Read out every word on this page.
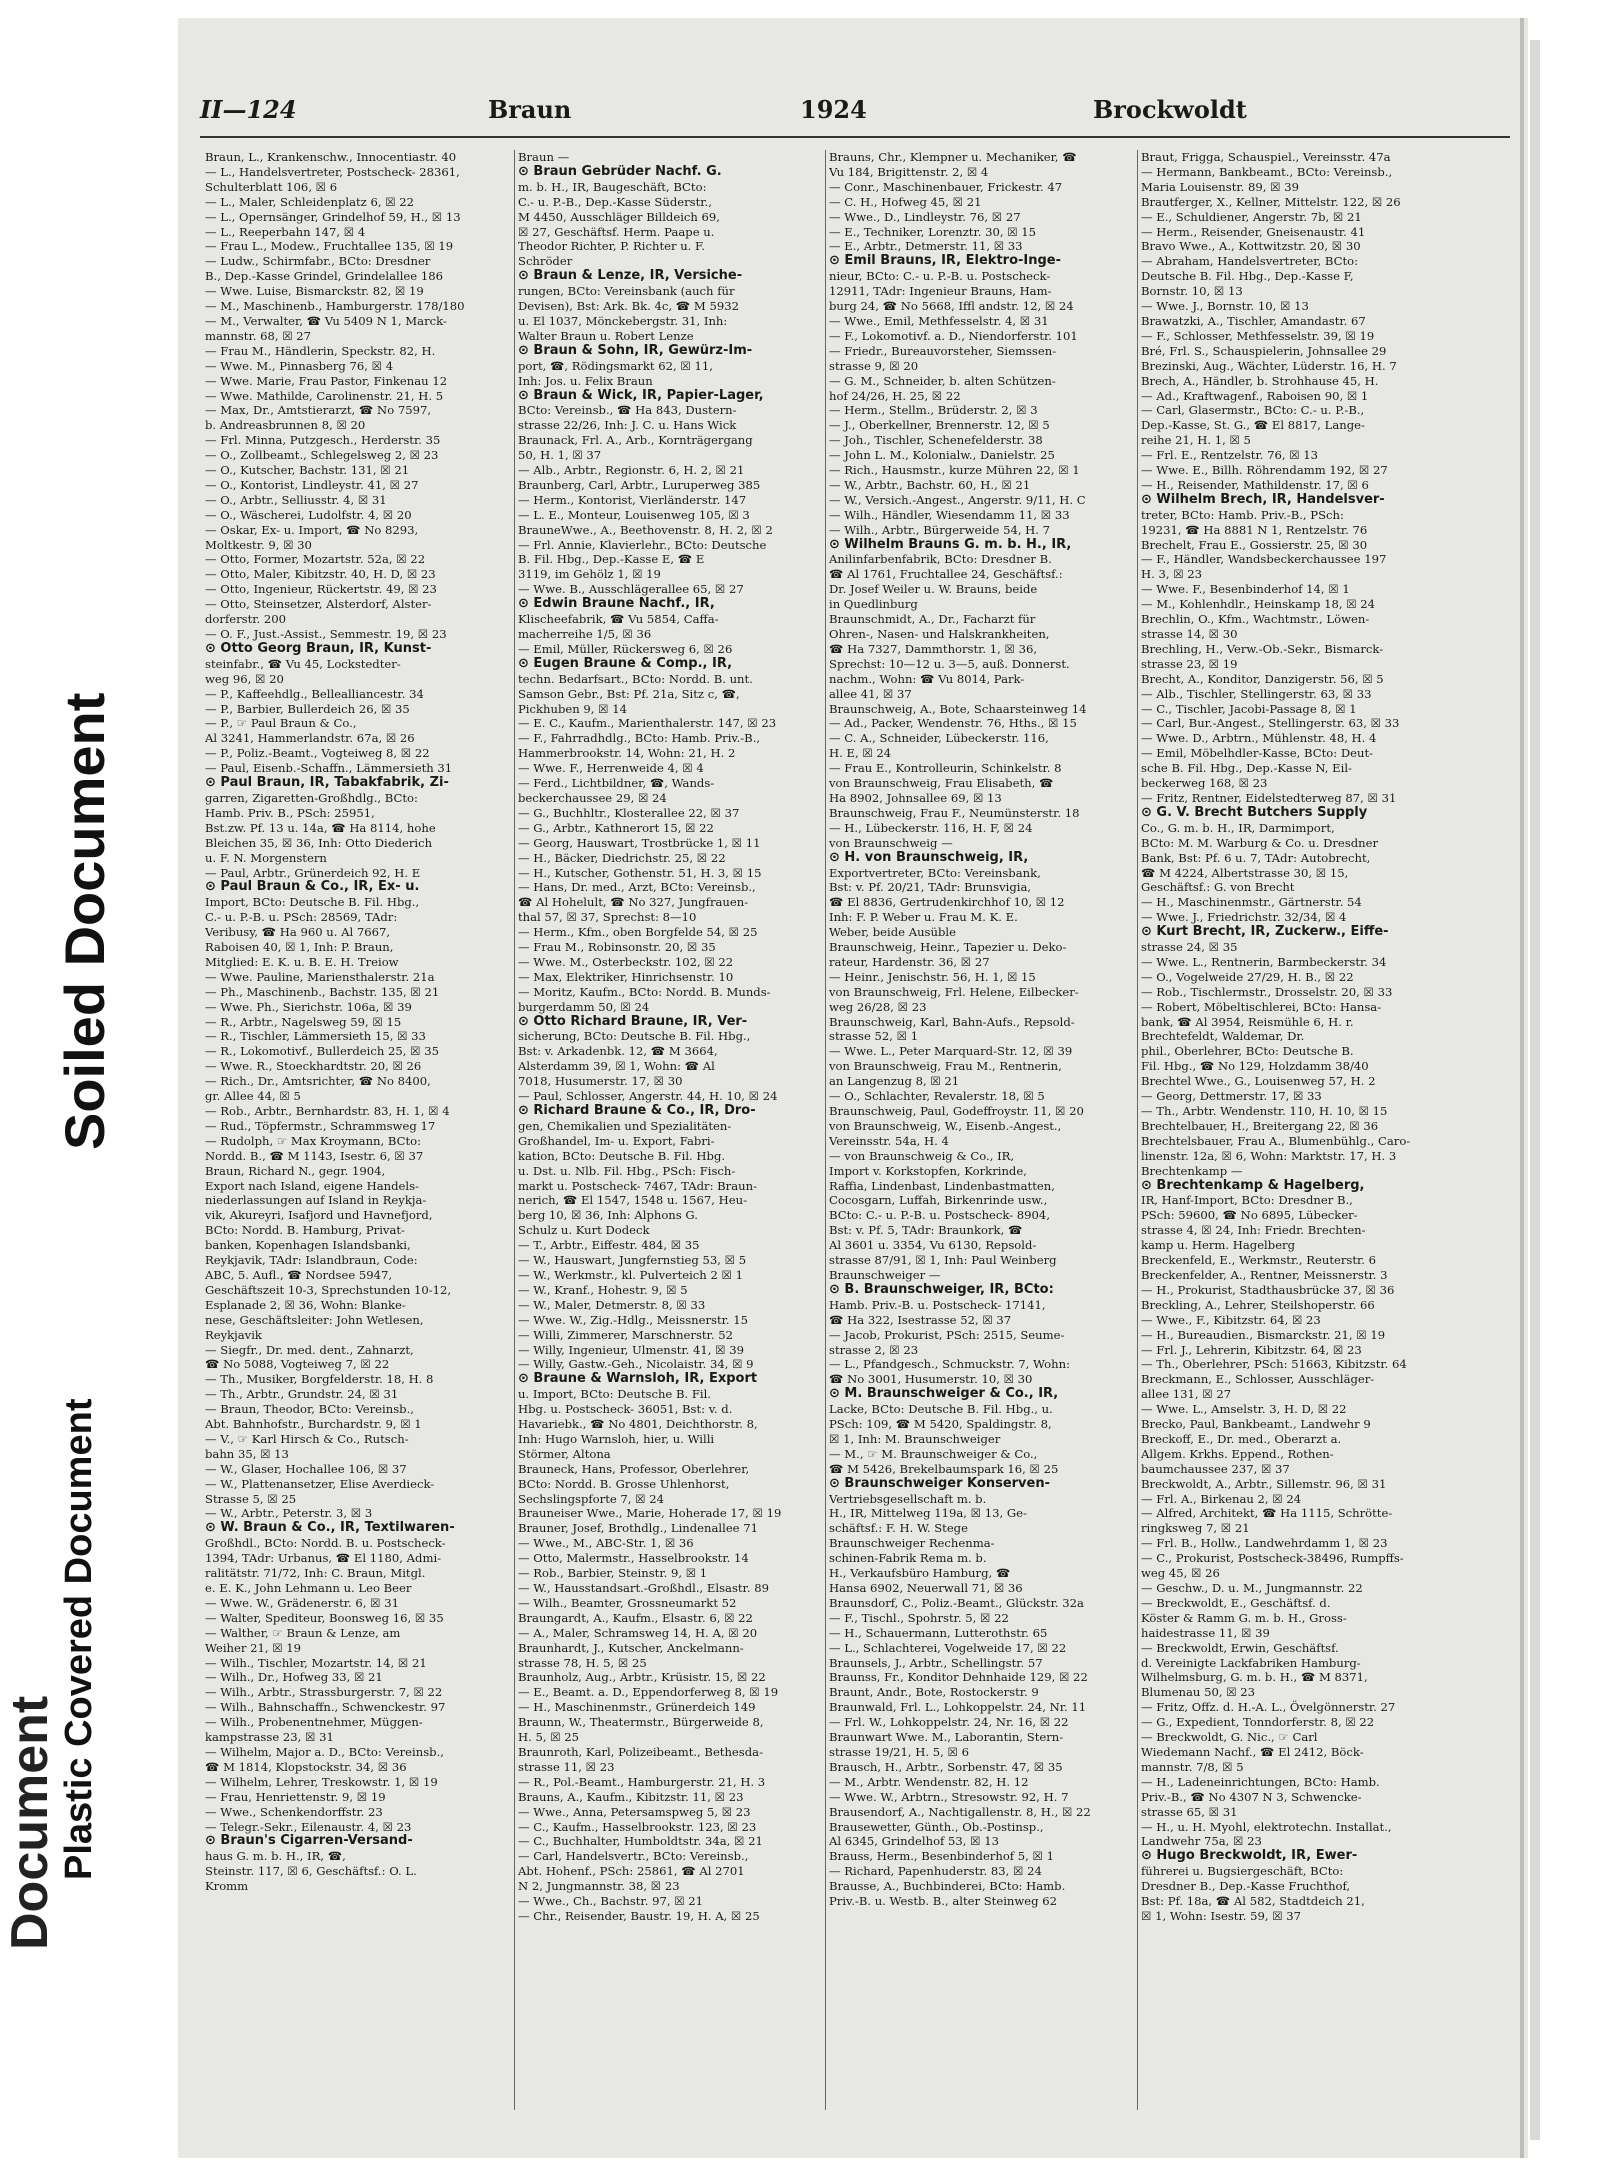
Soiled Document
Plastic Covered Document
Document
II—124	Braun	1924	Brockwoldt
Braun, L., Krankenschw., Innocentiastr. 40
— L., Handelsvertreter, Postscheck- 28361,
Schulterblatt 106, ☒ 6
— L., Maler, Schleidenplatz 6, ☒ 22
— L., Opernsänger, Grindelhof 59, H., ☒ 13
— L., Reeperbahn 147, ☒ 4
— Frau L., Modew., Fruchtallee 135, ☒ 19
— Ludw., Schirmfabr., BCto: Dresdner
B., Dep.-Kasse Grindel, Grindelallee 186
— Wwe. Luise, Bismarckstr. 82, ☒ 19
— M., Maschinenb., Hamburgerstr. 178/180
— M., Verwalter, ☎ Vu 5409 N 1, Marck-
mannstr. 68, ☒ 27
— Frau M., Händlerin, Speckstr. 82, H.
— Wwe. M., Pinnasberg 76, ☒ 4
— Wwe. Marie, Frau Pastor, Finkenau 12
— Wwe. Mathilde, Carolinenstr. 21, H. 5
— Max, Dr., Amtstierarzt, ☎ No 7597,
b. Andreasbrunnen 8, ☒ 20
— Frl. Minna, Putzgesch., Herderstr. 35
— O., Zollbeamt., Schlegelsweg 2, ☒ 23
— O., Kutscher, Bachstr. 131, ☒ 21
— O., Kontorist, Lindleystr. 41, ☒ 27
— O., Arbtr., Selliusstr. 4, ☒ 31
— O., Wäscherei, Ludolfstr. 4, ☒ 20
— Oskar, Ex- u. Import, ☎ No 8293,
Moltkestr. 9, ☒ 30
— Otto, Former, Mozartstr. 52a, ☒ 22
— Otto, Maler, Kibitzstr. 40, H. D, ☒ 23
— Otto, Ingenieur, Rückertstr. 49, ☒ 23
— Otto, Steinsetzer, Alsterdorf, Alster-
dorferstr. 200
— O. F., Just.-Assist., Semmestr. 19, ☒ 23
⊙ Otto Georg Braun, IR, Kunst-
steinfabr., ☎ Vu 45, Lockstedter-
weg 96, ☒ 20
— P., Kaffeehdlg., Bellealliancestr. 34
— P., Barbier, Bullerdeich 26, ☒ 35
— P., ☞ Paul Braun & Co.,
Al 3241, Hammerlandstr. 67a, ☒ 26
— P., Poliz.-Beamt., Vogteiweg 8, ☒ 22
— Paul, Eisenb.-Schaffn., Lämmersieth 31
⊙ Paul Braun, IR, Tabakfabrik, Zi-
garren, Zigaretten-Großhdlg., BCto:
Hamb. Priv. B., PSch: 25951,
Bst.zw. Pf. 13 u. 14a, ☎ Ha 8114, hohe
Bleichen 35, ☒ 36, Inh: Otto Diederich
u. F. N. Morgenstern
— Paul, Arbtr., Grünerdeich 92, H. E
⊙ Paul Braun & Co., IR, Ex- u.
Import, BCto: Deutsche B. Fil. Hbg.,
C.- u. P.-B. u. PSch: 28569, TAdr:
Veribusy, ☎ Ha 960 u. Al 7667,
Raboisen 40, ☒ 1, Inh: P. Braun,
Mitglied: E. K. u. B. E. H. Treiow
— Wwe. Pauline, Mariensthalerstr. 21a
— Ph., Maschinenb., Bachstr. 135, ☒ 21
— Wwe. Ph., Sierichstr. 106a, ☒ 39
— R., Arbtr., Nagelsweg 59, ☒ 15
— R., Tischler, Lämmersieth 15, ☒ 33
— R., Lokomotivf., Bullerdeich 25, ☒ 35
— Wwe. R., Stoeckhardtstr. 20, ☒ 26
— Rich., Dr., Amtsrichter, ☎ No 8400,
gr. Allee 44, ☒ 5
— Rob., Arbtr., Bernhardstr. 83, H. 1, ☒ 4
— Rud., Töpfermstr., Schrammsweg 17
— Rudolph, ☞ Max Kroymann, BCto:
Nordd. B., ☎ M 1143, Isestr. 6, ☒ 37
Braun, Richard N., gegr. 1904,
Export nach Island, eigene Handels-
niederlassungen auf Island in Reykja-
vik, Akureyri, Isafjord und Havnefjord,
BCto: Nordd. B. Hamburg, Privat-
banken, Kopenhagen Islandsbanki,
Reykjavik, TAdr: Islandbraun, Code:
ABC, 5. Aufl., ☎ Nordsee 5947,
Geschäftszeit 10-3, Sprechstunden 10-12,
Esplanade 2, ☒ 36, Wohn: Blanke-
nese, Geschäftsleiter: John Wetlesen,
Reykjavik
— Siegfr., Dr. med. dent., Zahnarzt,
☎ No 5088, Vogteiweg 7, ☒ 22
— Th., Musiker, Borgfelderstr. 18, H. 8
— Th., Arbtr., Grundstr. 24, ☒ 31
— Braun, Theodor, BCto: Vereinsb.,
Abt. Bahnhofstr., Burchardstr. 9, ☒ 1
— V., ☞ Karl Hirsch & Co., Rutsch-
bahn 35, ☒ 13
— W., Glaser, Hochallee 106, ☒ 37
— W., Plattenansetzer, Elise Averdieck-
Strasse 5, ☒ 25
— W., Arbtr., Peterstr. 3, ☒ 3
⊙ W. Braun & Co., IR, Textilwaren-
Großhdl., BCto: Nordd. B. u. Postscheck-
1394, TAdr: Urbanus, ☎ El 1180, Admi-
ralitätstr. 71/72, Inh: C. Braun, Mitgl.
e. E. K., John Lehmann u. Leo Beer
— Wwe. W., Grädenerstr. 6, ☒ 31
— Walter, Spediteur, Boonsweg 16, ☒ 35
— Walther, ☞ Braun & Lenze, am
Weiher 21, ☒ 19
— Wilh., Tischler, Mozartstr. 14, ☒ 21
— Wilh., Dr., Hofweg 33, ☒ 21
— Wilh., Arbtr., Strassburgerstr. 7, ☒ 22
— Wilh., Bahnschaffn., Schwenckestr. 97
— Wilh., Probenentnehmer, Müggen-
kampstrasse 23, ☒ 31
— Wilhelm, Major a. D., BCto: Vereinsb.,
☎ M 1814, Klopstockstr. 34, ☒ 36
— Wilhelm, Lehrer, Treskowstr. 1, ☒ 19
— Frau, Henriettenstr. 9, ☒ 19
— Wwe., Schenkendorffstr. 23
— Telegr.-Sekr., Eilenaustr. 4, ☒ 23
⊙ Braun's Cigarren-Versand-
haus G. m. b. H., IR, ☎,
Steinstr. 117, ☒ 6, Geschäftsf.: O. L.
Kromm
Braun —
⊙ Braun Gebrüder Nachf. G.
m. b. H., IR, Baugeschäft, BCto:
C.- u. P.-B., Dep.-Kasse Süderstr.,
M 4450, Ausschläger Billdeich 69,
☒ 27, Geschäftsf. Herm. Paape u.
Theodor Richter, P. Richter u. F.
Schröder
⊙ Braun & Lenze, IR, Versiche-
rungen, BCto: Vereinsbank (auch für
Devisen), Bst: Ark. Bk. 4c, ☎ M 5932
u. El 1037, Mönckebergstr. 31, Inh:
Walter Braun u. Robert Lenze
⊙ Braun & Sohn, IR, Gewürz-Im-
port, ☎, Rödingsmarkt 62, ☒ 11,
Inh: Jos. u. Felix Braun
⊙ Braun & Wick, IR, Papier-Lager,
BCto: Vereinsb., ☎ Ha 843, Dustern-
strasse 22/26, Inh: J. C. u. Hans Wick
Braunack, Frl. A., Arb., Kornträgergang
50, H. 1, ☒ 37
— Alb., Arbtr., Regionstr. 6, H. 2, ☒ 21
Braunberg, Carl, Arbtr., Luruperweg 385
— Herm., Kontorist, Vierländerstr. 147
— L. E., Monteur, Louisenweg 105, ☒ 3
BrauneWwe., A., Beethovenstr. 8, H. 2, ☒ 2
— Frl. Annie, Klavierlehr., BCto: Deutsche
B. Fil. Hbg., Dep.-Kasse E, ☎ E
3119, im Gehölz 1, ☒ 19
— Wwe. B., Ausschlägerallee 65, ☒ 27
⊙ Edwin Braune Nachf., IR,
Klischeefabrik, ☎ Vu 5854, Caffa-
macherreihe 1/5, ☒ 36
— Emil, Müller, Rückersweg 6, ☒ 26
⊙ Eugen Braune & Comp., IR,
techn. Bedarfsart., BCto: Nordd. B. unt.
Samson Gebr., Bst: Pf. 21a, Sitz c, ☎,
Pickhuben 9, ☒ 14
— E. C., Kaufm., Marienthalerstr. 147, ☒ 23
— F., Fahrradhdlg., BCto: Hamb. Priv.-B.,
Hammerbrookstr. 14, Wohn: 21, H. 2
— Wwe. F., Herrenweide 4, ☒ 4
— Ferd., Lichtbildner, ☎, Wands-
beckerchaussee 29, ☒ 24
— G., Buchhltr., Klosterallee 22, ☒ 37
— G., Arbtr., Kathnerort 15, ☒ 22
— Georg, Hauswart, Trostbrücke 1, ☒ 11
— H., Bäcker, Diedrichstr. 25, ☒ 22
— H., Kutscher, Gothenstr. 51, H. 3, ☒ 15
— Hans, Dr. med., Arzt, BCto: Vereinsb.,
☎ Al Hohelult, ☎ No 327, Jungfrauen-
thal 57, ☒ 37, Sprechst: 8—10
— Herm., Kfm., oben Borgfelde 54, ☒ 25
— Frau M., Robinsonstr. 20, ☒ 35
— Wwe. M., Osterbeckstr. 102, ☒ 22
— Max, Elektriker, Hinrichsenstr. 10
— Moritz, Kaufm., BCto: Nordd. B. Munds-
burgerdamm 50, ☒ 24
⊙ Otto Richard Braune, IR, Ver-
sicherung, BCto: Deutsche B. Fil. Hbg.,
Bst: v. Arkadenbk. 12, ☎ M 3664,
Alsterdamm 39, ☒ 1, Wohn: ☎ Al
7018, Husumerstr. 17, ☒ 30
— Paul, Schlosser, Angerstr. 44, H. 10, ☒ 24
⊙ Richard Braune & Co., IR, Dro-
gen, Chemikalien und Spezialitäten-
Großhandel, Im- u. Export, Fabri-
kation, BCto: Deutsche B. Fil. Hbg.
u. Dst. u. Nlb. Fil. Hbg., PSch: Fisch-
markt u. Postscheck- 7467, TAdr: Braun-
nerich, ☎ El 1547, 1548 u. 1567, Heu-
berg 10, ☒ 36, Inh: Alphons G.
Schulz u. Kurt Dodeck
— T., Arbtr., Eiffestr. 484, ☒ 35
— W., Hauswart, Jungfernstieg 53, ☒ 5
— W., Werkmstr., kl. Pulverteich 2 ☒ 1
— W., Kranf., Hohestr. 9, ☒ 5
— W., Maler, Detmerstr. 8, ☒ 33
— Wwe. W., Zig.-Hdlg., Meissnerstr. 15
— Willi, Zimmerer, Marschnerstr. 52
— Willy, Ingenieur, Ulmenstr. 41, ☒ 39
— Willy, Gastw.-Geh., Nicolaistr. 34, ☒ 9
⊙ Braune & Warnsloh, IR, Export
u. Import, BCto: Deutsche B. Fil.
Hbg. u. Postscheck- 36051, Bst: v. d.
Havariebk., ☎ No 4801, Deichthorstr. 8,
Inh: Hugo Warnsloh, hier, u. Willi
Störmer, Altona
Brauneck, Hans, Professor, Oberlehrer,
BCto: Nordd. B. Grosse Uhlenhorst,
Sechslingspforte 7, ☒ 24
Brauneiser Wwe., Marie, Hoherade 17, ☒ 19
Brauner, Josef, Brothdlg., Lindenallee 71
— Wwe., M., ABC-Str. 1, ☒ 36
— Otto, Malermstr., Hasselbrookstr. 14
— Rob., Barbier, Steinstr. 9, ☒ 1
— W., Hausstandsart.-Großhdl., Elsastr. 89
— Wilh., Beamter, Grossneumarkt 52
Braungardt, A., Kaufm., Elsastr. 6, ☒ 22
— A., Maler, Schramsweg 14, H. A, ☒ 20
Braunhardt, J., Kutscher, Anckelmann-
strasse 78, H. 5, ☒ 25
Braunholz, Aug., Arbtr., Krüsistr. 15, ☒ 22
— E., Beamt. a. D., Eppendorferweg 8, ☒ 19
— H., Maschinenmstr., Grünerdeich 149
Braunn, W., Theatermstr., Bürgerweide 8,
H. 5, ☒ 25
Braunroth, Karl, Polizeibeamt., Bethesda-
strasse 11, ☒ 23
— R., Pol.-Beamt., Hamburgerstr. 21, H. 3
Brauns, A., Kaufm., Kibitzstr. 11, ☒ 23
— Wwe., Anna, Petersamspweg 5, ☒ 23
— C., Kaufm., Hasselbrookstr. 123, ☒ 23
— C., Buchhalter, Humboldtstr. 34a, ☒ 21
— Carl, Handelsvertr., BCto: Vereinsb.,
Abt. Hohenf., PSch: 25861, ☎ Al 2701
N 2, Jungmannstr. 38, ☒ 23
— Wwe., Ch., Bachstr. 97, ☒ 21
— Chr., Reisender, Baustr. 19, H. A, ☒ 25
Brauns, Chr., Klempner u. Mechaniker, ☎
Vu 184, Brigittenstr. 2, ☒ 4
— Conr., Maschinenbauer, Frickestr. 47
— C. H., Hofweg 45, ☒ 21
— Wwe., D., Lindleystr. 76, ☒ 27
— E., Techniker, Lorenztr. 30, ☒ 15
— E., Arbtr., Detmerstr. 11, ☒ 33
⊙ Emil Brauns, IR, Elektro-Inge-
nieur, BCto: C.- u. P.-B. u. Postscheck-
12911, TAdr: Ingenieur Brauns, Ham-
burg 24, ☎ No 5668, Iffl andstr. 12, ☒ 24
— Wwe., Emil, Methfesselstr. 4, ☒ 31
— F., Lokomotivf. a. D., Niendorferstr. 101
— Friedr., Bureauvorsteher, Siemssen-
strasse 9, ☒ 20
— G. M., Schneider, b. alten Schützen-
hof 24/26, H. 25, ☒ 22
— Herm., Stellm., Brüderstr. 2, ☒ 3
— J., Oberkellner, Brennerstr. 12, ☒ 5
— Joh., Tischler, Schenefelderstr. 38
— John L. M., Kolonialw., Danielstr. 25
— Rich., Hausmstr., kurze Mühren 22, ☒ 1
— W., Arbtr., Bachstr. 60, H., ☒ 21
— W., Versich.-Angest., Angerstr. 9/11, H. C
— Wilh., Händler, Wiesendamm 11, ☒ 33
— Wilh., Arbtr., Bürgerweide 54, H. 7
⊙ Wilhelm Brauns G. m. b. H., IR,
Anilinfarbenfabrik, BCto: Dresdner B.
☎ Al 1761, Fruchtallee 24, Geschäftsf.:
Dr. Josef Weiler u. W. Brauns, beide
in Quedlinburg
Braunschmidt, A., Dr., Facharzt für
Ohren-, Nasen- und Halskrankheiten,
☎ Ha 7327, Dammthorstr. 1, ☒ 36,
Sprechst: 10—12 u. 3—5, auß. Donnerst.
nachm., Wohn: ☎ Vu 8014, Park-
allee 41, ☒ 37
Braunschweig, A., Bote, Schaarsteinweg 14
— Ad., Packer, Wendenstr. 76, Hths., ☒ 15
— C. A., Schneider, Lübeckerstr. 116,
H. E, ☒ 24
— Frau E., Kontrolleurin, Schinkelstr. 8
von Braunschweig, Frau Elisabeth, ☎
Ha 8902, Johnsallee 69, ☒ 13
Braunschweig, Frau F., Neumünsterstr. 18
— H., Lübeckerstr. 116, H. F, ☒ 24
von Braunschweig —
⊙ H. von Braunschweig, IR,
Exportvertreter, BCto: Vereinsbank,
Bst: v. Pf. 20/21, TAdr: Brunsvigia,
☎ El 8836, Gertrudenkirchhof 10, ☒ 12
Inh: F. P. Weber u. Frau M. K. E.
Weber, beide Ausüble
Braunschweig, Heinr., Tapezier u. Deko-
rateur, Hardenstr. 36, ☒ 27
— Heinr., Jenischstr. 56, H. 1, ☒ 15
von Braunschweig, Frl. Helene, Eilbecker-
weg 26/28, ☒ 23
Braunschweig, Karl, Bahn-Aufs., Repsold-
strasse 52, ☒ 1
— Wwe. L., Peter Marquard-Str. 12, ☒ 39
von Braunschweig, Frau M., Rentnerin,
an Langenzug 8, ☒ 21
— O., Schlachter, Revalerstr. 18, ☒ 5
Braunschweig, Paul, Godeffroystr. 11, ☒ 20
von Braunschweig, W., Eisenb.-Angest.,
Vereinsstr. 54a, H. 4
— von Braunschweig & Co., IR,
Import v. Korkstopfen, Korkrinde,
Raffia, Lindenbast, Lindenbastmatten,
Cocosgarn, Luffah, Birkenrinde usw.,
BCto: C.- u. P.-B. u. Postscheck- 8904,
Bst: v. Pf. 5, TAdr: Braunkork, ☎
Al 3601 u. 3354, Vu 6130, Repsold-
strasse 87/91, ☒ 1, Inh: Paul Weinberg
Braunschweiger —
⊙ B. Braunschweiger, IR, BCto:
Hamb. Priv.-B. u. Postscheck- 17141,
☎ Ha 322, Isestrasse 52, ☒ 37
— Jacob, Prokurist, PSch: 2515, Seume-
strasse 2, ☒ 23
— L., Pfandgesch., Schmuckstr. 7, Wohn:
☎ No 3001, Husumerstr. 10, ☒ 30
⊙ M. Braunschweiger & Co., IR,
Lacke, BCto: Deutsche B. Fil. Hbg., u.
PSch: 109, ☎ M 5420, Spaldingstr. 8,
☒ 1, Inh: M. Braunschweiger
— M., ☞ M. Braunschweiger & Co.,
☎ M 5426, Brekelbaumspark 16, ☒ 25
⊙ Braunschweiger Konserven-
Vertriebsgesellschaft m. b.
H., IR, Mittelweg 119a, ☒ 13, Ge-
schäftsf.: F. H. W. Stege
Braunschweiger Rechenma-
schinen-Fabrik Rema m. b.
H., Verkaufsbüro Hamburg, ☎
Hansa 6902, Neuerwall 71, ☒ 36
Braunsdorf, C., Poliz.-Beamt., Glückstr. 32a
— F., Tischl., Spohrstr. 5, ☒ 22
— H., Schauermann, Lutterothstr. 65
— L., Schlachterei, Vogelweide 17, ☒ 22
Braunsels, J., Arbtr., Schellingstr. 57
Braunss, Fr., Konditor Dehnhaide 129, ☒ 22
Braunt, Andr., Bote, Rostockerstr. 9
Braunwald, Frl. L., Lohkoppelstr. 24, Nr. 11
— Frl. W., Lohkoppelstr. 24, Nr. 16, ☒ 22
Braunwart Wwe. M., Laborantin, Stern-
strasse 19/21, H. 5, ☒ 6
Brausch, H., Arbtr., Sorbenstr. 47, ☒ 35
— M., Arbtr. Wendenstr. 82, H. 12
— Wwe. W., Arbtrn., Stresowstr. 92, H. 7
Brausendorf, A., Nachtigallenstr. 8, H., ☒ 22
Brausewetter, Günth., Ob.-Postinsp.,
Al 6345, Grindelhof 53, ☒ 13
Brauss, Herm., Besenbinderhof 5, ☒ 1
— Richard, Papenhuderstr. 83, ☒ 24
Brausse, A., Buchbinderei, BCto: Hamb.
Priv.-B. u. Westb. B., alter Steinweg 62
Braut, Frigga, Schauspiel., Vereinsstr. 47a
— Hermann, Bankbeamt., BCto: Vereinsb.,
Maria Louisenstr. 89, ☒ 39
Brautferger, X., Kellner, Mittelstr. 122, ☒ 26
— E., Schuldiener, Angerstr. 7b, ☒ 21
— Herm., Reisender, Gneisenaustr. 41
Bravo Wwe., A., Kottwitzstr. 20, ☒ 30
— Abraham, Handelsvertreter, BCto:
Deutsche B. Fil. Hbg., Dep.-Kasse F,
Bornstr. 10, ☒ 13
— Wwe. J., Bornstr. 10, ☒ 13
Brawatzki, A., Tischler, Amandastr. 67
— F., Schlosser, Methfesselstr. 39, ☒ 19
Bré, Frl. S., Schauspielerin, Johnsallee 29
Brezinski, Aug., Wächter, Lüderstr. 16, H. 7
Brech, A., Händler, b. Strohhause 45, H.
— Ad., Kraftwagenf., Raboisen 90, ☒ 1
— Carl, Glasermstr., BCto: C.- u. P.-B.,
Dep.-Kasse, St. G., ☎ El 8817, Lange-
reihe 21, H. 1, ☒ 5
— Frl. E., Rentzelstr. 76, ☒ 13
— Wwe. E., Billh. Röhrendamm 192, ☒ 27
— H., Reisender, Mathildenstr. 17, ☒ 6
⊙ Wilhelm Brech, IR, Handelsver-
treter, BCto: Hamb. Priv.-B., PSch:
19231, ☎ Ha 8881 N 1, Rentzelstr. 76
Brechelt, Frau E., Gossierstr. 25, ☒ 30
— F., Händler, Wandsbeckerchaussee 197
H. 3, ☒ 23
— Wwe. F., Besenbinderhof 14, ☒ 1
— M., Kohlenhdlr., Heinskamp 18, ☒ 24
Brechlin, O., Kfm., Wachtmstr., Löwen-
strasse 14, ☒ 30
Brechling, H., Verw.-Ob.-Sekr., Bismarck-
strasse 23, ☒ 19
Brecht, A., Konditor, Danzigerstr. 56, ☒ 5
— Alb., Tischler, Stellingerstr. 63, ☒ 33
— C., Tischler, Jacobi-Passage 8, ☒ 1
— Carl, Bur.-Angest., Stellingerstr. 63, ☒ 33
— Wwe. D., Arbtrn., Mühlenstr. 48, H. 4
— Emil, Möbelhdler-Kasse, BCto: Deut-
sche B. Fil. Hbg., Dep.-Kasse N, Eil-
beckerweg 168, ☒ 23
— Fritz, Rentner, Eidelstedterweg 87, ☒ 31
⊙ G. V. Brecht Butchers Supply
Co., G. m. b. H., IR, Darmimport,
BCto: M. M. Warburg & Co. u. Dresdner
Bank, Bst: Pf. 6 u. 7, TAdr: Autobrecht,
☎ M 4224, Albertstrasse 30, ☒ 15,
Geschäftsf.: G. von Brecht
— H., Maschinenmstr., Gärtnerstr. 54
— Wwe. J., Friedrichstr. 32/34, ☒ 4
⊙ Kurt Brecht, IR, Zuckerw., Eiffe-
strasse 24, ☒ 35
— Wwe. L., Rentnerin, Barmbeckerstr. 34
— O., Vogelweide 27/29, H. B., ☒ 22
— Rob., Tischlermstr., Drosselstr. 20, ☒ 33
— Robert, Möbeltischlerei, BCto: Hansa-
bank, ☎ Al 3954, Reismühle 6, H. r.
Brechtefeldt, Waldemar, Dr.
phil., Oberlehrer, BCto: Deutsche B.
Fil. Hbg., ☎ No 129, Holzdamm 38/40
Brechtel Wwe., G., Louisenweg 57, H. 2
— Georg, Dettmerstr. 17, ☒ 33
— Th., Arbtr. Wendenstr. 110, H. 10, ☒ 15
Brechtelbauer, H., Breitergang 22, ☒ 36
Brechtelsbauer, Frau A., Blumenbühlg., Caro-
linenstr. 12a, ☒ 6, Wohn: Marktstr. 17, H. 3
Brechtenkamp —
⊙ Brechtenkamp & Hagelberg,
IR, Hanf-Import, BCto: Dresdner B.,
PSch: 59600, ☎ No 6895, Lübecker-
strasse 4, ☒ 24, Inh: Friedr. Brechten-
kamp u. Herm. Hagelberg
Breckenfeld, E., Werkmstr., Reuterstr. 6
Breckenfelder, A., Rentner, Meissnerstr. 3
— H., Prokurist, Stadthausbrücke 37, ☒ 36
Breckling, A., Lehrer, Steilshoperstr. 66
— Wwe., F., Kibitzstr. 64, ☒ 23
— H., Bureaudien., Bismarckstr. 21, ☒ 19
— Frl. J., Lehrerin, Kibitzstr. 64, ☒ 23
— Th., Oberlehrer, PSch: 51663, Kibitzstr. 64
Breckmann, E., Schlosser, Ausschläger-
allee 131, ☒ 27
— Wwe. L., Amselstr. 3, H. D, ☒ 22
Brecko, Paul, Bankbeamt., Landwehr 9
Breckoff, E., Dr. med., Oberarzt a.
Allgem. Krkhs. Eppend., Rothen-
baumchaussee 237, ☒ 37
Breckwoldt, A., Arbtr., Sillemstr. 96, ☒ 31
— Frl. A., Birkenau 2, ☒ 24
— Alfred, Architekt, ☎ Ha 1115, Schrötte-
ringksweg 7, ☒ 21
— Frl. B., Hollw., Landwehrdamm 1, ☒ 23
— C., Prokurist, Postscheck-38496, Rumpffs-
weg 45, ☒ 26
— Geschw., D. u. M., Jungmannstr. 22
— Breckwoldt, E., Geschäftsf. d.
Köster & Ramm G. m. b. H., Gross-
haidestrasse 11, ☒ 39
— Breckwoldt, Erwin, Geschäftsf.
d. Vereinigte Lackfabriken Hamburg-
Wilhelmsburg, G. m. b. H., ☎ M 8371,
Blumenau 50, ☒ 23
— Fritz, Offz. d. H.-A. L., Övelgönnerstr. 27
— G., Expedient, Tonndorferstr. 8, ☒ 22
— Breckwoldt, G. Nic., ☞ Carl
Wiedemann Nachf., ☎ El 2412, Böck-
mannstr. 7/8, ☒ 5
— H., Ladeneinrichtungen, BCto: Hamb.
Priv.-B., ☎ No 4307 N 3, Schwencke-
strasse 65, ☒ 31
— H., u. H. Myohl, elektrotechn. Installat.,
Landwehr 75a, ☒ 23
⊙ Hugo Breckwoldt, IR, Ewer-
führerei u. Bugsiergeschäft, BCto:
Dresdner B., Dep.-Kasse Fruchthof,
Bst: Pf. 18a, ☎ Al 582, Stadtdeich 21,
☒ 1, Wohn: Isestr. 59, ☒ 37
